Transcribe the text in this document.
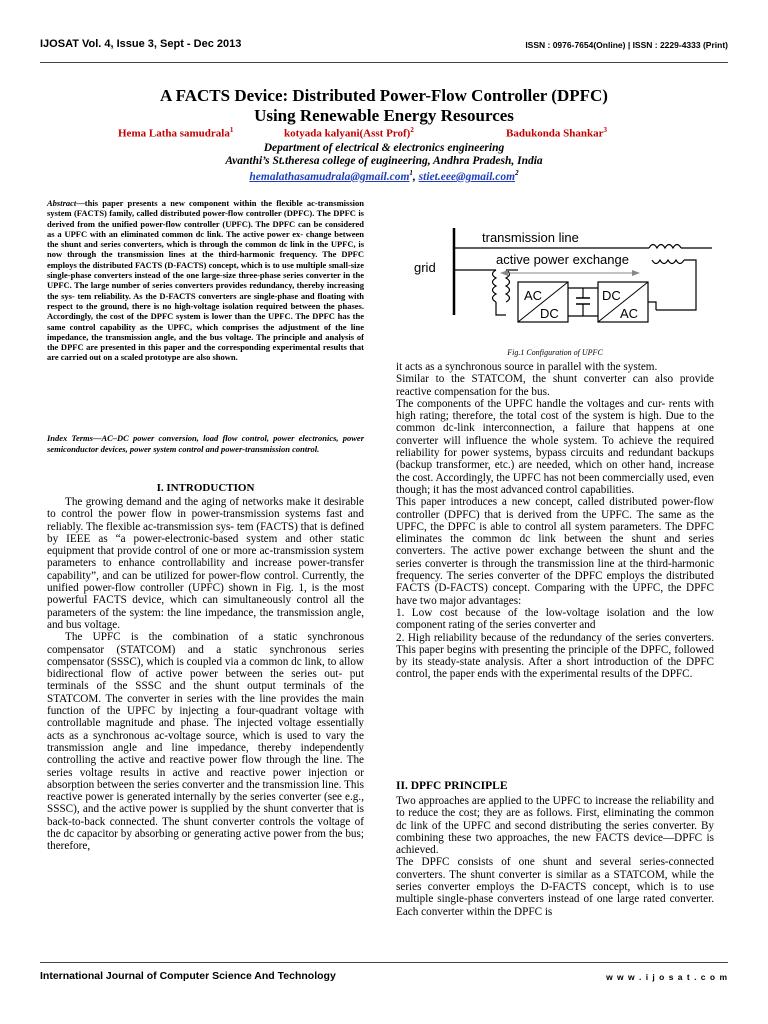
IJOSAT Vol. 4, Issue 3, Sept - Dec 2013	ISSN : 0976-7654(Online) | ISSN : 2229-4333 (Print)
A FACTS Device: Distributed Power-Flow Controller (DPFC)
Using Renewable Energy Resources
Hema Latha samudrala$^1$	kotyada kalyani(Asst Prof)$^2$	Badukonda Shankar$^3$
Department of electrical & electronics engineering
Avanthi’s St.theresa college of eugineering, Andhra Pradesh, India
hemalathasamudrala@gmail.com$^1$, stiet.eee@gmail.com$^2$
Abstract—this paper presents a new component within the flexible ac-transmission system (FACTS) family, called distributed power-flow controller (DPFC). The DPFC is derived from the unified power-flow controller (UPFC). The DPFC can be considered as a UPFC with an eliminated common dc link. The active power ex- change between the shunt and series converters, which is through the common dc link in the UPFC, is now through the transmission lines at the third-harmonic frequency. The DPFC employs the distributed FACTS (D-FACTS) concept, which is to use multiple small-size single-phase converters instead of the one large-size three-phase series converter in the UPFC. The large number of series converters provides redundancy, thereby increasing the sys- tem reliability. As the D-FACTS converters are single-phase and floating with respect to the ground, there is no high-voltage isolation required between the phases. Accordingly, the cost of the DPFC system is lower than the UPFC. The DPFC has the same control capability as the UPFC, which comprises the adjustment of the line impedance, the transmission angle, and the bus voltage. The principle and analysis of the DPFC are presented in this paper and the corresponding experimental results that are carried out on a scaled prototype are also shown.
Index Terms—AC–DC power conversion, load flow control, power electronics, power semiconductor devices, power system control and power-transmission control.
I. INTRODUCTION

The growing demand and the aging of networks make it desirable to control the power flow in power-transmission systems fast and reliably. The flexible ac-transmission sys- tem (FACTS) that is defined by IEEE as “a power-electronic-based system and other static equipment that provide control of one or more ac-transmission system parameters to enhance controllability and increase power-transfer capability”, and can be utilized for power-flow control. Currently, the unified power-flow controller (UPFC) shown in Fig. 1, is the most powerful FACTS device, which can simultaneously control all the parameters of the system: the line impedance, the transmission angle, and bus voltage.

The UPFC is the combination of a static synchronous compensator (STATCOM) and a static synchronous series compensator (SSSC), which is coupled via a common dc link, to allow bidirectional flow of active power between the series out- put terminals of the SSSC and the shunt output terminals of the STATCOM. The converter in series with the line provides the main function of the UPFC by injecting a four-quadrant voltage with controllable magnitude and phase. The injected voltage essentially acts as a synchronous ac-voltage source, which is used to vary the transmission angle and line impedance, thereby independently controlling the active and reactive power flow through the line. The series voltage results in active and reactive power injection or absorption between the series converter and the transmission line. This reactive power is generated internally by the series converter (see e.g., SSSC), and the active power is supplied by the shunt converter that is back-to-back connected. The shunt converter controls the voltage of the dc capacitor by absorbing or generating active power from the bus; therefore,

AC
DC
DC
AC
transmission line
grid
active power exchange
Fig.1 Configuration of UPFC

it acts as a synchronous source in parallel with the system.

Similar to the STATCOM, the shunt converter can also provide reactive compensation for the bus.

The components of the UPFC handle the voltages and cur- rents with high rating; therefore, the total cost of the system is high. Due to the common dc-link interconnection, a failure that happens at one converter will influence the whole system. To achieve the required reliability for power systems, bypass circuits and redundant backups (backup transformer, etc.) are needed, which on other hand, increase the cost. Accordingly, the UPFC has not been commercially used, even though; it has the most advanced control capabilities.

This paper introduces a new concept, called distributed power-flow controller (DPFC) that is derived from the UPFC. The same as the UPFC, the DPFC is able to control all system parameters. The DPFC eliminates the common dc link between the shunt and series converters. The active power exchange between the shunt and the series converter is through the transmission line at the third-harmonic frequency. The series converter of the DPFC employs the distributed FACTS (D-FACTS) concept. Comparing with the UPFC, the DPFC have two major advantages:

1. Low cost because of the low-voltage isolation and the low component rating of the series converter and

2. High reliability because of the redundancy of the series converters. This paper begins with presenting the principle of the DPFC, followed by its steady-state analysis. After a short introduction of the DPFC control, the paper ends with the experimental results of the DPFC.

II. DPFC PRINCIPLE

Two approaches are applied to the UPFC to increase the reliability and to reduce the cost; they are as follows. First, eliminating the common dc link of the UPFC and second distributing the series converter. By combining these two approaches, the new FACTS device—DPFC is achieved.

The DPFC consists of one shunt and several series-connected converters. The shunt converter is similar as a STATCOM, while the series converter employs the D-FACTS concept, which is to use multiple single-phase converters instead of one large rated converter. Each converter within the DPFC is

International Journal of Computer Science And Technology	w w w . i j o s a t . c o m
